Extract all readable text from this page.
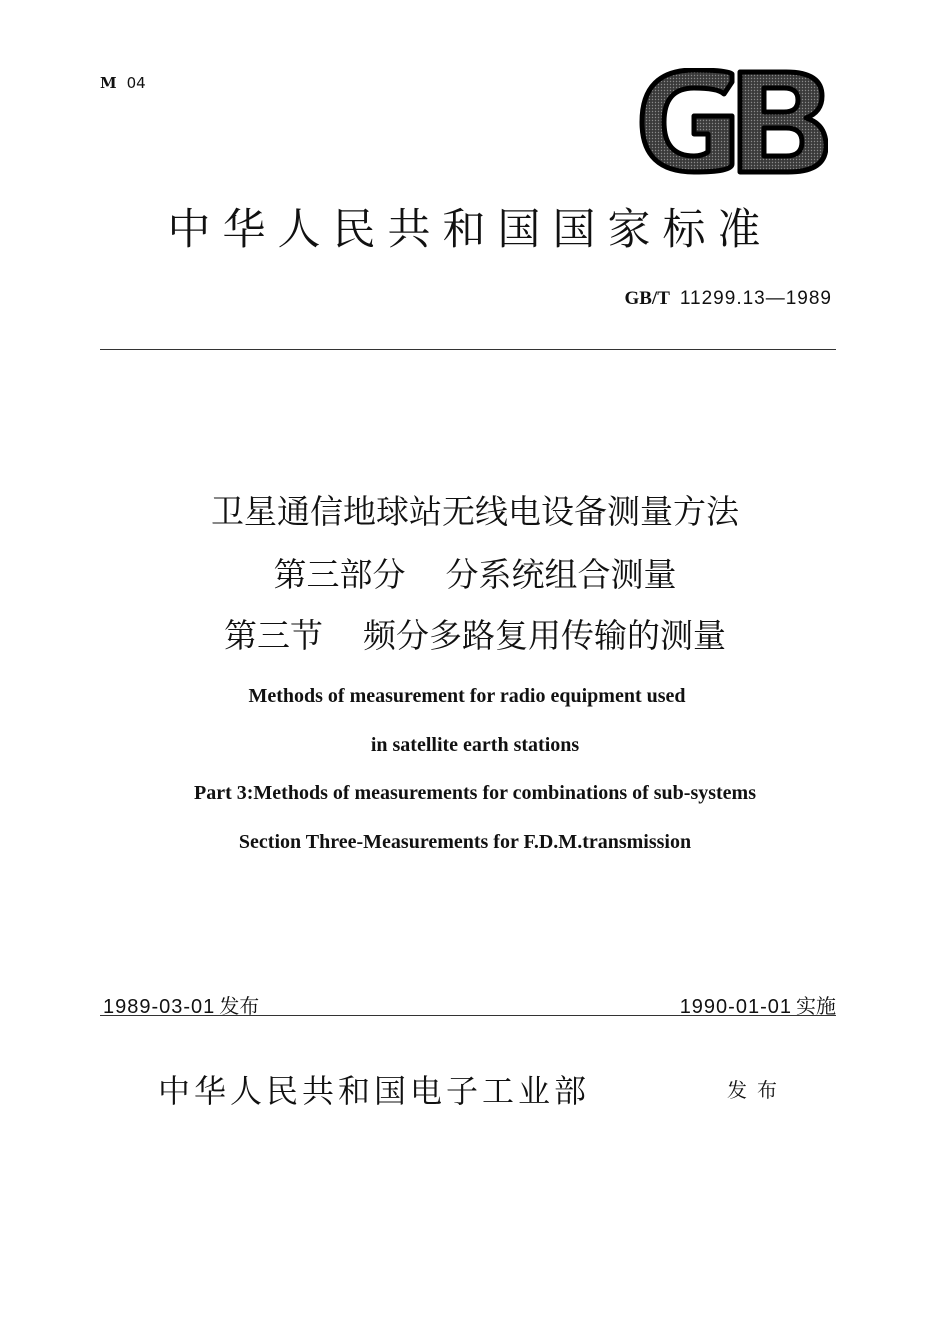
M 04
中华人民共和国国家标准
GB/T 11299.13—1989
卫星通信地球站无线电设备测量方法
第三部分 分系统组合测量
第三节 频分多路复用传输的测量
Methods of measurement for radio equipment used
in satellite earth stations
Part 3:Methods of measurements for combinations of sub-systems
Section Three-Measurements for F.D.M.transmission
1989-03-01 发布	1990-01-01 实施
中华人民共和国电子工业部	发布
